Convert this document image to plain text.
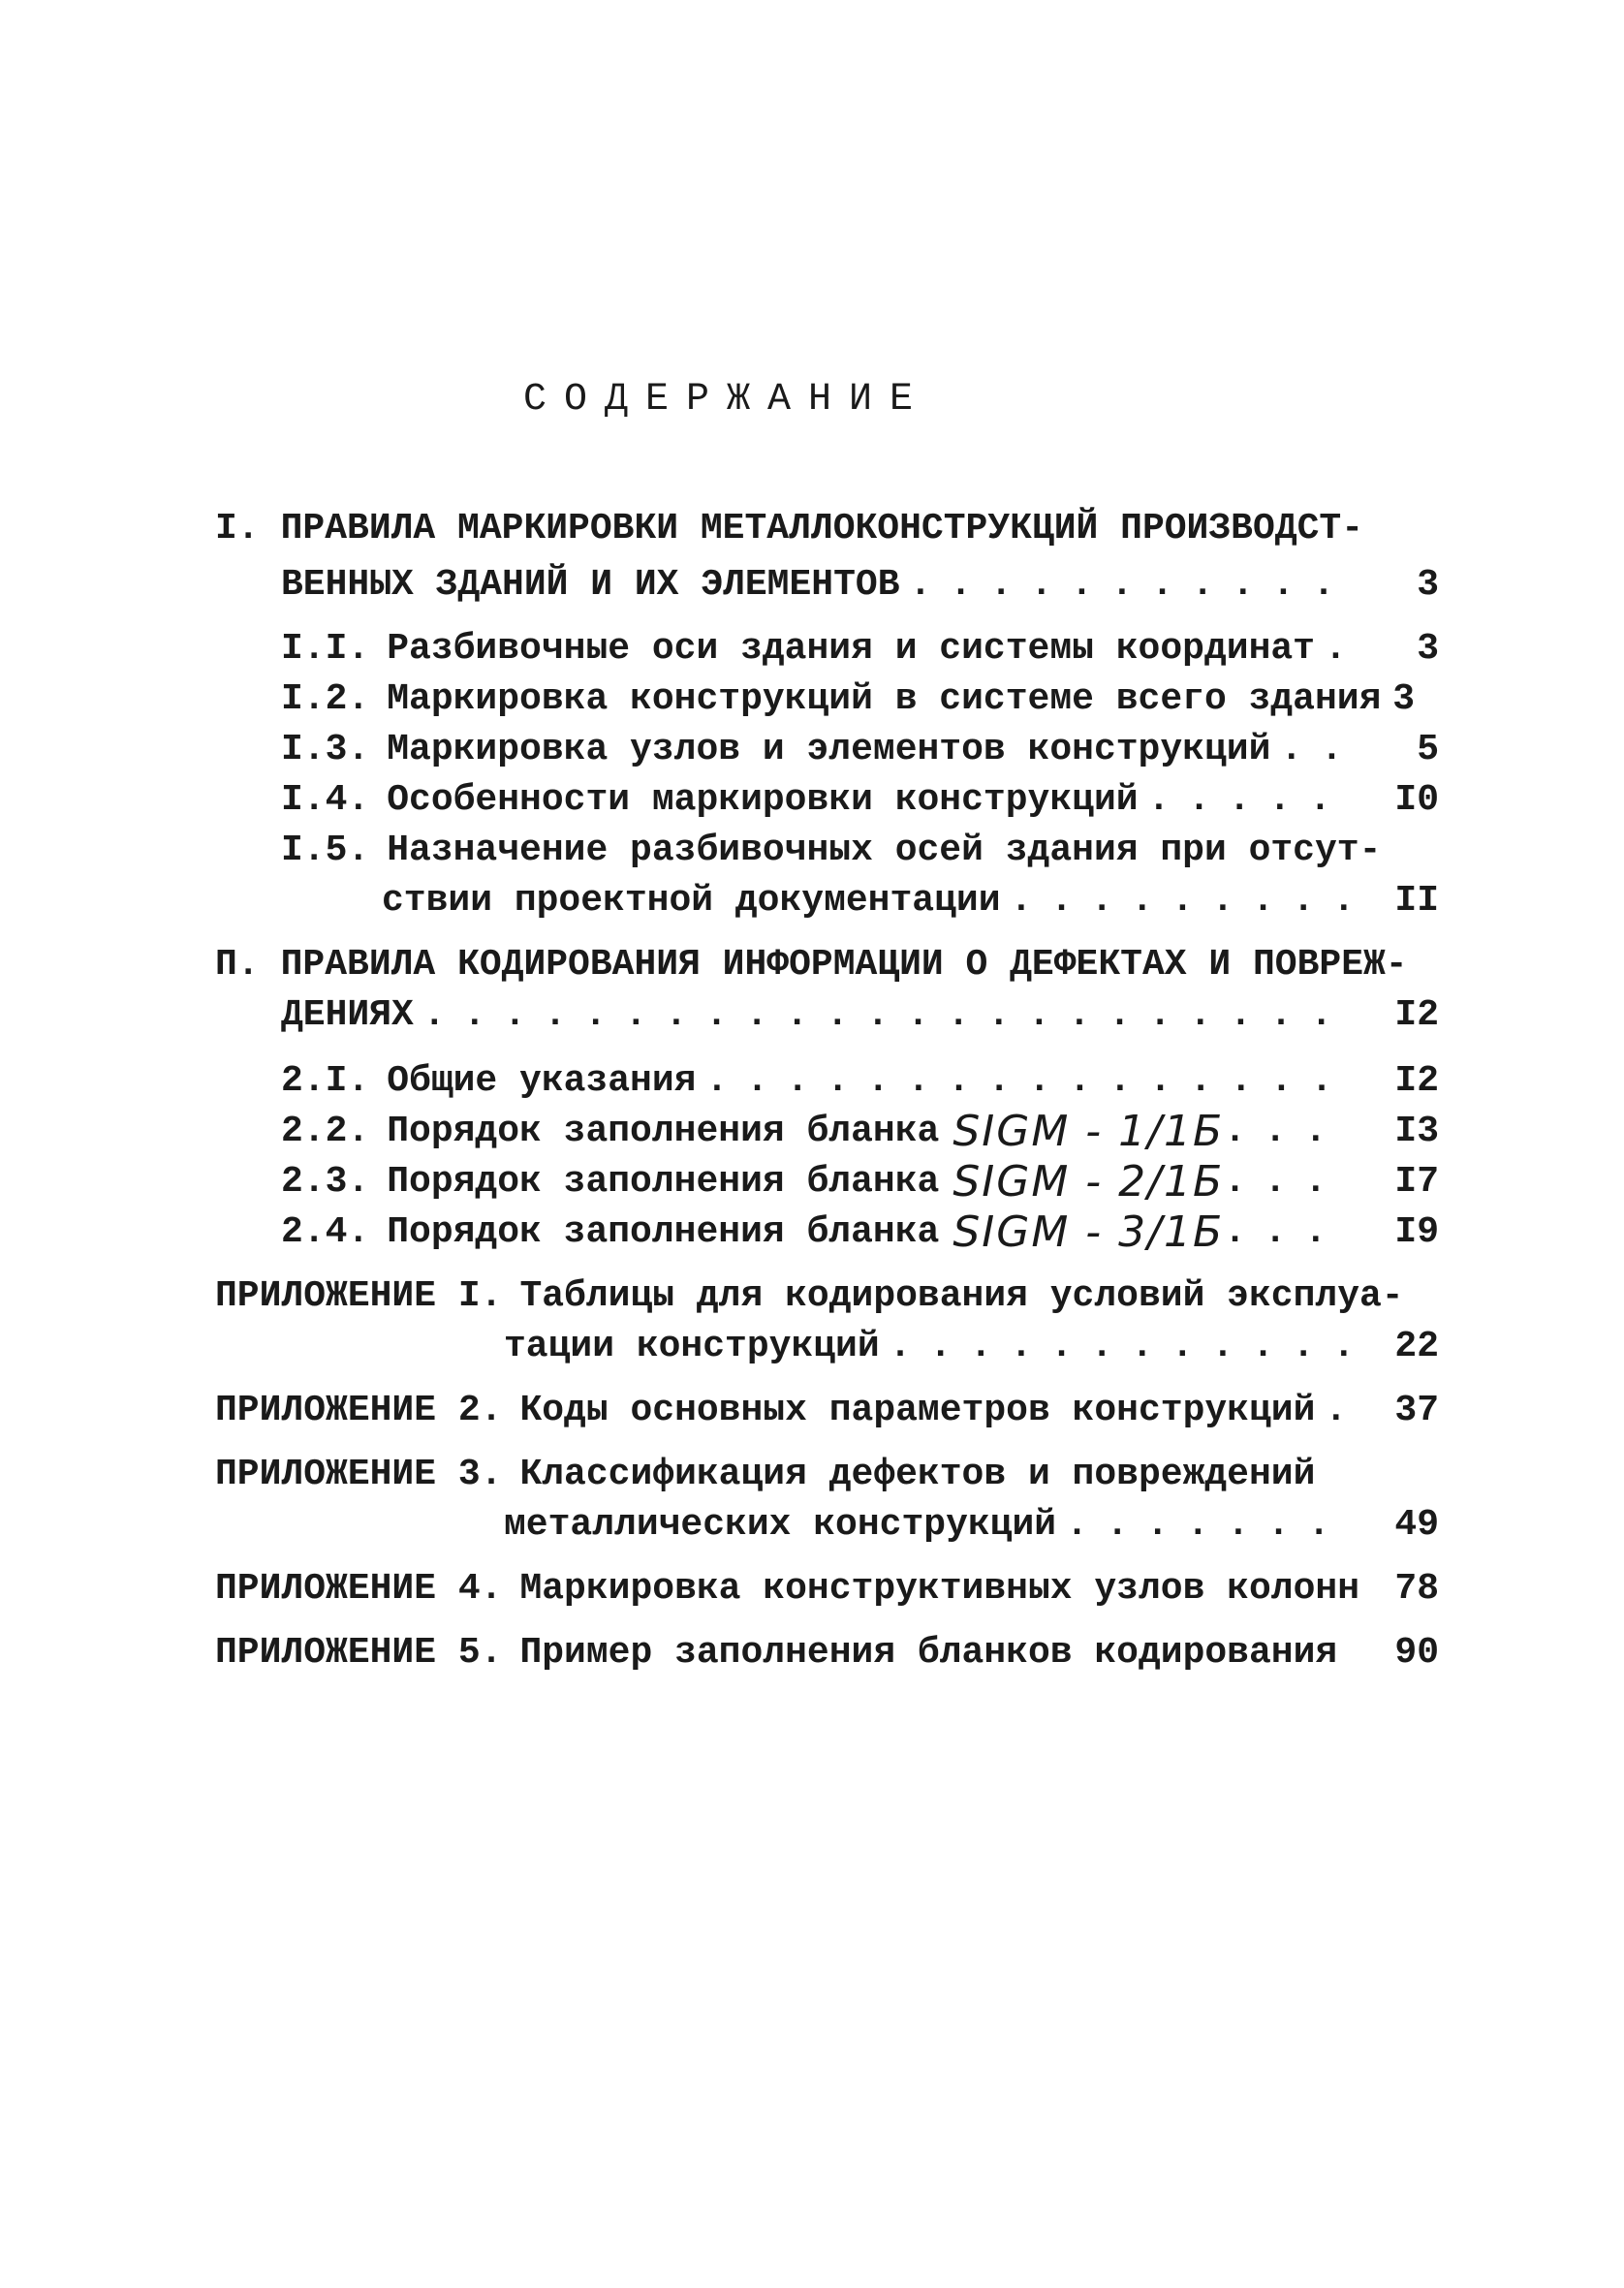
СОДЕРЖАНИЕ
I. ПРАВИЛА МАРКИРОВКИ МЕТАЛЛОКОНСТРУКЦИЙ ПРОИЗВОДСТ-
ВЕННЫХ ЗДАНИЙ И ИХ ЭЛЕМЕНТОВ . . .	3
I.I. Разбивочные оси здания и системы координат . . .	3
I.2. Маркировка конструкций в системе всего здания 3
I.3. Маркировка узлов и элементов конструкций . . .	5
I.4. Особенности маркировки конструкций . . .	I0
I.5. Назначение разбивочных осей здания при отсут-
ствии проектной документации . . .	II
П. ПРАВИЛА КОДИРОВАНИЯ ИНФОРМАЦИИ О ДЕФЕКТАХ И ПОВРЕЖ-
ДЕНИЯХ . . .	I2
2.I. Общие указания . . .	I2
2.2. Порядок заполнения бланка SIGM - 1/1Б . . .	I3
2.3. Порядок заполнения бланка SIGM - 2/1Б . . .	I7
2.4. Порядок заполнения бланка SIGM - 3/1Б . . .	I9
ПРИЛОЖЕНИЕ I. Таблицы для кодирования условий эксплуа-
тации конструкций . . .	22
ПРИЛОЖЕНИЕ 2. Коды основных параметров конструкций . . .	37
ПРИЛОЖЕНИЕ 3. Классификация дефектов и повреждений
металлических конструкций . . .	49
ПРИЛОЖЕНИЕ 4. Маркировка конструктивных узлов колонн 78
ПРИЛОЖЕНИЕ 5. Пример заполнения бланков кодирования	90
